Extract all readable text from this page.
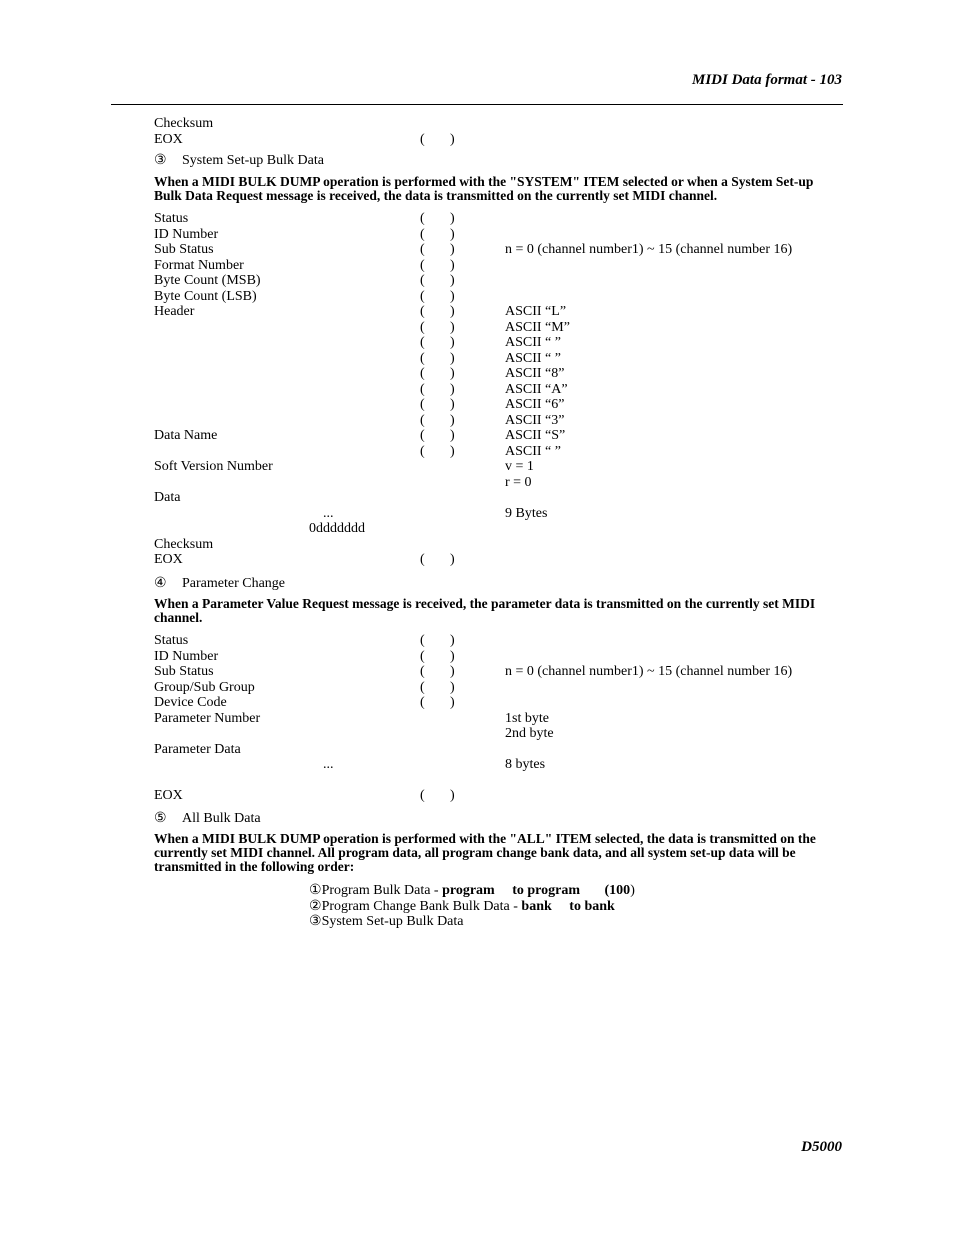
MIDI Data format - 103
Checksum
EOX	( )
③ System Set-up Bulk Data
When a MIDI BULK DUMP operation is performed with the "SYSTEM" ITEM selected or when a System Set-up Bulk Data Request message is received, the data is transmitted on the currently set MIDI channel.
Status	( )
ID Number	( )
Sub Status	( )	n = 0 (channel number1) ~ 15 (channel number 16)
Format Number	( )
Byte Count (MSB)	( )
Byte Count (LSB)	( )
Header	( )	ASCII “L”
( )	ASCII “M”
( )	ASCII “ ”
( )	ASCII “ ”
( )	ASCII “8”
( )	ASCII “A”
( )	ASCII “6”
( )	ASCII “3”
Data Name	( )	ASCII “S”
( )	ASCII “ ”
Soft Version Number	v = 1
r = 0
Data
...	9 Bytes
0ddddddd
Checksum
EOX	( )
④ Parameter Change
When a Parameter Value Request message is received, the parameter data is transmitted on the currently set MIDI channel.
Status	( )
ID Number	( )
Sub Status	( )	n = 0 (channel number1) ~ 15 (channel number 16)
Group/Sub Group	( )
Device Code	( )
Parameter Number	1st byte
2nd byte
Parameter Data
...	8 bytes
EOX	( )
⑤ All Bulk Data
When a MIDI BULK DUMP operation is performed with the "ALL" ITEM selected, the data is transmitted on the currently set MIDI channel. All program data, all program change bank data, and all system set-up data will be transmitted in the following order:
①Program Bulk Data - program  to program  (100)
②Program Change Bank Bulk Data - bank  to bank
③System Set-up Bulk Data
D5000
